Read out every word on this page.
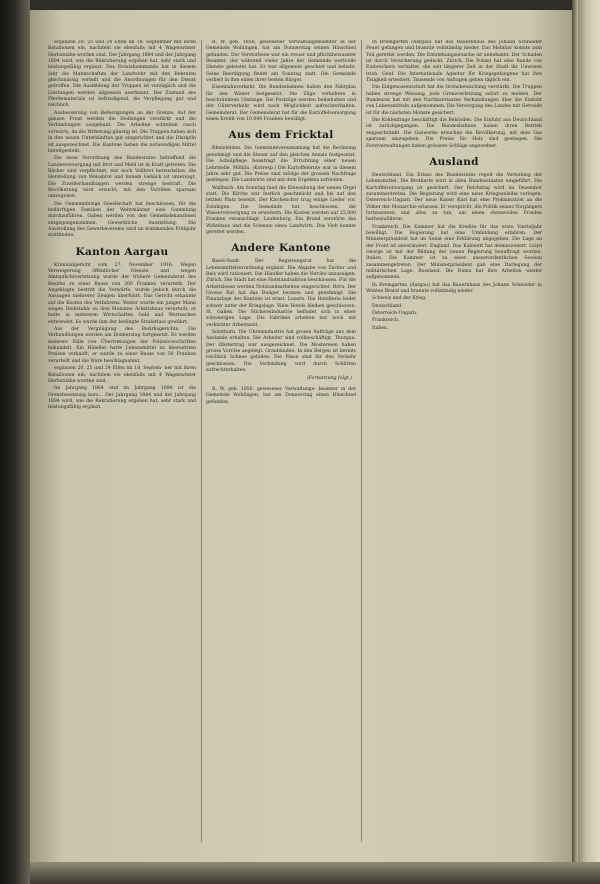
ergänzen 20, 25 und 24 Elfen im 18. September mit ihren Bataillonen ein, nachdem sie ebenfalls mit 4 Wagenwinter Herbstnähe worden sind. Der Jahrgang 1884 und der Jahrgang 1894 wird, wie die Rekrutierung ergeben hat, sehr stark und leistungsfähig ergänzt. Das Ersatzkommando hat in diesem Jahr die Mannschaften der Landwehr mit den Rekruten gleichmässig verteilt und die Anordnungen für den Dienst getroffen. Die Ausbildung der Truppen ist vorzüglich und die Leistungen werden allgemein anerkannt. Der Zustand des Pferdematerials ist befriedigend, die Verpflegung gut und reichlich.

Ausbesserung von Befestigungen an der Grenze. Auf der ganzen Front werden die Stellungen verstärkt und die Verbindungen ausgebaut. Die Arbeiten schreiten rasch vorwärts, da die Witterung günstig ist. Die Truppen haben sich in den neuen Unterkünften gut eingerichtet und die Disziplin ist ausgezeichnet. Die Kantone haben die notwendigen Mittel bereitgestellt.

Die neue Verordnung des Bundesrates betreffend die Landesversorgung mit Brot und Mehl ist in Kraft getreten. Die Bäcker sind verpflichtet, nur noch Vollbrot herzustellen; die Herstellung von Weissbrot und feinem Gebäck ist untersagt. Die Zuwiderhandlungen werden strenge bestraft. Die Bevölkerung wird ersucht, mit den Vorräten sparsam umzugehen.

Die Gemeinnützige Gesellschaft hat beschlossen, für die bedürftigen Familien der Wehrmänner eine Sammlung durchzuführen. Gaben werden von den Gemeindekanzleien entgegengenommen. Gewerbliche Ausstellung. Die Ausstellung des Gewerbevereins wird im kommenden Frühjahr stattfinden.

Kanton Aargau

Kriminalgericht vom 27. November 1916. Wegen Verweigerung öffentlicher Dienste und wegen Amtspflichtverletzung wurde der frühere Gemeinderat des Bezirks zu einer Busse von 200 Franken verurteilt. Der Angeklagte bestritt die Vorwürfe, wurde jedoch durch die Aussagen mehrerer Zeugen überführt. Das Gericht erkannte auf die Kosten des Verfahrens. Weiter wurde ein junger Mann wegen Diebstahls zu drei Monaten Arbeitshaus verurteilt; er hatte in mehreren Wirtschaften Geld und Wertsachen entwendet. Es wurde ihm der bedingte Straferlass gewährt.

Aus der Vergnügung des Bezirksgerichts. Die Verhandlungen werden am Donnerstag fortgesetzt. Es werden mehrere Fälle von Übertretungen der Polizeivorschriften behandelt. Ein Händler hatte Lebensmittel zu übersetzten Preisen verkauft; er wurde zu einer Busse von 50 Franken verurteilt und die Ware beschlagnahmt.

ergänzen 20, 25 und 24 Elfen im 18. Septem- ber mit ihren Bataillonen ein, nachdem sie ebenfalls mit 4 Wagenwinter Herbstnähe worden sind.

Im Jahrgang 1884 und im Jahrgang 1894 ist die Grenzbesetzung kurz... Der Jahrgang 1884 und der Jahrgang 1894 wird, wie die Rekrutierung ergeben hat, sehr stark und leistungsfähig ergänzt.

R. W. geb. 1856, gewesener Verwaltungsbeamter in der Gemeinde Wohlingen, hat am Donnerstag seinen Hinschied gefunden. Der Verstorbene war ein treuer und pflichtbewusster Beamter, der während vieler Jahre der Gemeinde wertvolle Dienste geleistet hat. Er war allgemein geachtet und beliebt. Seine Beerdigung findet am Sonntag statt. Die Gemeinde verliert in ihm einen ihrer besten Bürger.

Eisenbahnverkehr. Die Bundesbahnen haben den Fahrplan für den Winter festgesetzt. Die Züge verkehren in beschränktem Umfange. Die Postzüge werden beibehalten und der Güterverkehr wird nach Möglichkeit aufrechterhalten. Gemeinderat. Der Gemeinderat hat für die Kartoffelversorgung einen Kredit von 10,000 Franken bewilligt.

Aus dem Fricktal

Rheinfelden. Die Gemeindeversammlung hat die Rechnung genehmigt und die Steuer auf den gleichen Ansatz festgesetzt. Die Schulpflege beantragt die Errichtung einer neuen Lehrstelle. Möhlin. (Korresp.) Die Kartoffelernte war in diesem Jahre sehr gut. Die Preise sind infolge der grossen Nachfrage gestiegen. Die Landwirte sind mit dem Ergebnis zufrieden.

Wallbach. Am Sonntag fand die Einweihung der neuen Orgel statt. Die Kirche war festlich geschmückt und bis auf den letzten Platz besetzt. Der Kirchenchor trug einige Lieder vor. Zeiningen. Die Gemeinde hat beschlossen, die Wasserversorgung zu erweitern. Die Kosten werden auf 25,000 Franken veranschlagt. Laufenburg. Ein Brand zerstörte das Wohnhaus und die Scheune eines Landwirts. Das Vieh konnte gerettet werden.

Andere Kantone

Basel-Stadt. Der Regierungsrat hat die Lebensmittelverordnung ergänzt. Die Abgabe von Zucker und Reis wird rationiert. Die Händler haben die Vorräte anzuzeigen. Zürich. Die Stadt hat eine Notstandsaktion beschlossen. Für die Arbeitslosen werden Notstandsarbeiten eingerichtet. Bern. Der Grosse Rat hat das Budget beraten und genehmigt. Die Finanzlage des Kantons ist ernst. Luzern. Die Hotellerie leidet schwer unter der Kriegslage. Viele Hotels bleiben geschlossen. St. Gallen. Die Stickereiindustrie befindet sich in einer schwierigen Lage. Die Fabriken arbeiten nur noch mit verkürzter Arbeitszeit.

Solothurn. Die Uhrenindustrie hat grosse Aufträge aus dem Auslande erhalten. Die Arbeiter sind vollbeschäftigt. Thurgau. Der Obstertrag war ausgezeichnet. Die Mostereien haben grosse Vorräte angelegt. Graubünden. In den Bergen ist bereits reichlich Schnee gefallen. Die Pässe sind für den Verkehr geschlossen. Die Verbindung wird durch Schlitten aufrechterhalten.

(Fortsetzung folgt.)

R. W. geb. 1856, gewesener Verwaltungs- beamter in der Gemeinde Wohlingen, hat am Donnerstag einen Hinschied gefunden.

In Bremgarten (Aargau) hat das Bauernhaus des Johann Schneider Feuer gefangen und brannte vollständig nieder. Das Mobiliar konnte zum Teil gerettet werden. Die Entstehungsursache ist unbekannt. Der Schaden ist durch Versicherung gedeckt. Zürich. Die Polizei hat eine Bande von Einbrechern verhaftet, die seit längerer Zeit in der Stadt ihr Unwesen trieb. Genf. Die Internationale Agentur für Kriegsgefangene hat ihre Tätigkeit erweitert. Tausende von Anfragen gehen täglich ein.

Die Eidgenossenschaft hat die Grenzbewachung verstärkt. Die Truppen haben strenge Weisung, jede Grenzverletzung sofort zu melden. Der Bundesrat hat mit den Nachbarstaaten Verhandlungen über die Einfuhr von Lebensmitteln aufgenommen. Die Versorgung des Landes mit Getreide ist für die nächsten Monate gesichert.

Die Kohlenfrage beschäftigt die Behörden. Die Einfuhr aus Deutschland ist zurückgegangen. Die Bundesbahnen haben ihren Betrieb eingeschränkt. Die Gaswerke ersuchen die Bevölkerung, mit dem Gas sparsam umzugehen. Die Preise für Holz sind gestiegen. Die Forstverwaltungen haben grössere Schläge angeordnet.

Ausland

Deutschland. Ein Erlass des Bundesrates regelt die Verteilung der Lebensmittel. Die Brotkarte wird in allen Bundesstaaten eingeführt. Die Kartoffelversorgung ist gesichert. Der Reichstag wird im Dezember zusammentreten. Die Regierung wird eine neue Kriegsanleihe vorlegen. Österreich-Ungarn. Der neue Kaiser Karl hat eine Proklamation an die Völker der Monarchie erlassen. Er verspricht, die Politik seines Vorgängers fortzusetzen und alles zu tun, um einen ehrenvollen Frieden herbeizuführen.

Frankreich. Die Kammer hat die Kredite für das erste Vierteljahr bewilligt. Die Regierung hat eine Umbildung erfahren. Der Ministerpräsident hat im Senat eine Erklärung abgegeben. Die Lage an der Front ist unverändert. England. Das Kabinett hat demissioniert. Lloyd George ist mit der Bildung der neuen Regierung beauftragt worden. Italien. Die Kammer ist zu einer ausserordentlichen Session zusammengetreten. Der Ministerpräsident gab eine Darlegung der militärischen Lage. Russland. Die Duma hat ihre Arbeiten wieder aufgenommen.

In Bremgarten (Aargau) hat das Bauernhaus des Johann Schneider in Wohlen Brand und brannte vollständig nieder.

Schweiz und der Krieg.

Deutschland.

Österreich-Ungarn.

Frankreich.

Italien.
